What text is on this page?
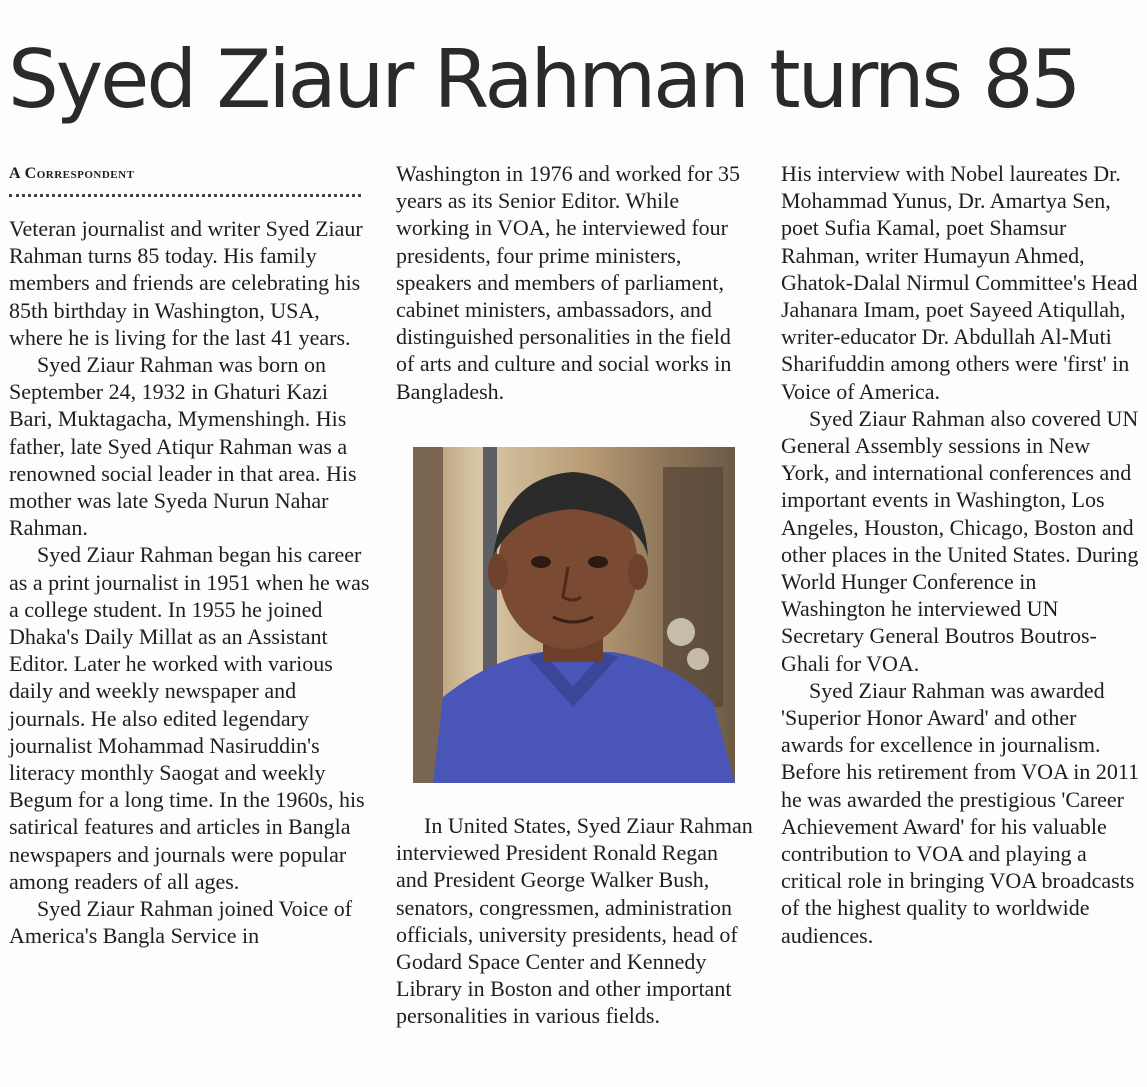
Syed Ziaur Rahman turns 85
A Correspondent

Veteran journalist and writer Syed Ziaur Rahman turns 85 today. His family members and friends are celebrating his 85th birthday in Washington, USA, where he is living for the last 41 years.

Syed Ziaur Rahman was born on September 24, 1932 in Ghaturi Kazi Bari, Muktagacha, Mymenshingh. His father, late Syed Atiqur Rahman was a renowned social leader in that area. His mother was late Syeda Nurun Nahar Rahman.

Syed Ziaur Rahman began his career as a print journalist in 1951 when he was a college student. In 1955 he joined Dhaka's Daily Millat as an Assistant Editor. Later he worked with various daily and weekly newspaper and journals. He also edited legendary journalist Mohammad Nasiruddin's literacy monthly Saogat and weekly Begum for a long time. In the 1960s, his satirical features and articles in Bangla newspapers and journals were popular among readers of all ages.

Syed Ziaur Rahman joined Voice of America's Bangla Service in

Washington in 1976 and worked for 35 years as its Senior Editor. While working in VOA, he interviewed four presidents, four prime ministers, speakers and members of parliament, cabinet ministers, ambassadors, and distinguished personalities in the field of arts and culture and social works in Bangladesh.

In United States, Syed Ziaur Rahman interviewed President Ronald Regan and President George Walker Bush, senators, congressmen, administration officials, university presidents, head of Godard Space Center and Kennedy Library in Boston and other important personalities in various fields.

His interview with Nobel laureates Dr. Mohammad Yunus, Dr. Amartya Sen, poet Sufia Kamal, poet Shamsur Rahman, writer Humayun Ahmed, Ghatok-Dalal Nirmul Committee's Head Jahanara Imam, poet Sayeed Atiqullah, writer-educator Dr. Abdullah Al-Muti Sharifuddin among others were 'first' in Voice of America.

Syed Ziaur Rahman also covered UN General Assembly sessions in New York, and international conferences and important events in Washington, Los Angeles, Houston, Chicago, Boston and other places in the United States. During World Hunger Conference in Washington he interviewed UN Secretary General Boutros Boutros-Ghali for VOA.

Syed Ziaur Rahman was awarded 'Superior Honor Award' and other awards for excellence in journalism. Before his retirement from VOA in 2011 he was awarded the prestigious 'Career Achievement Award' for his valuable contribution to VOA and playing a critical role in bringing VOA broadcasts of the highest quality to worldwide audiences.
